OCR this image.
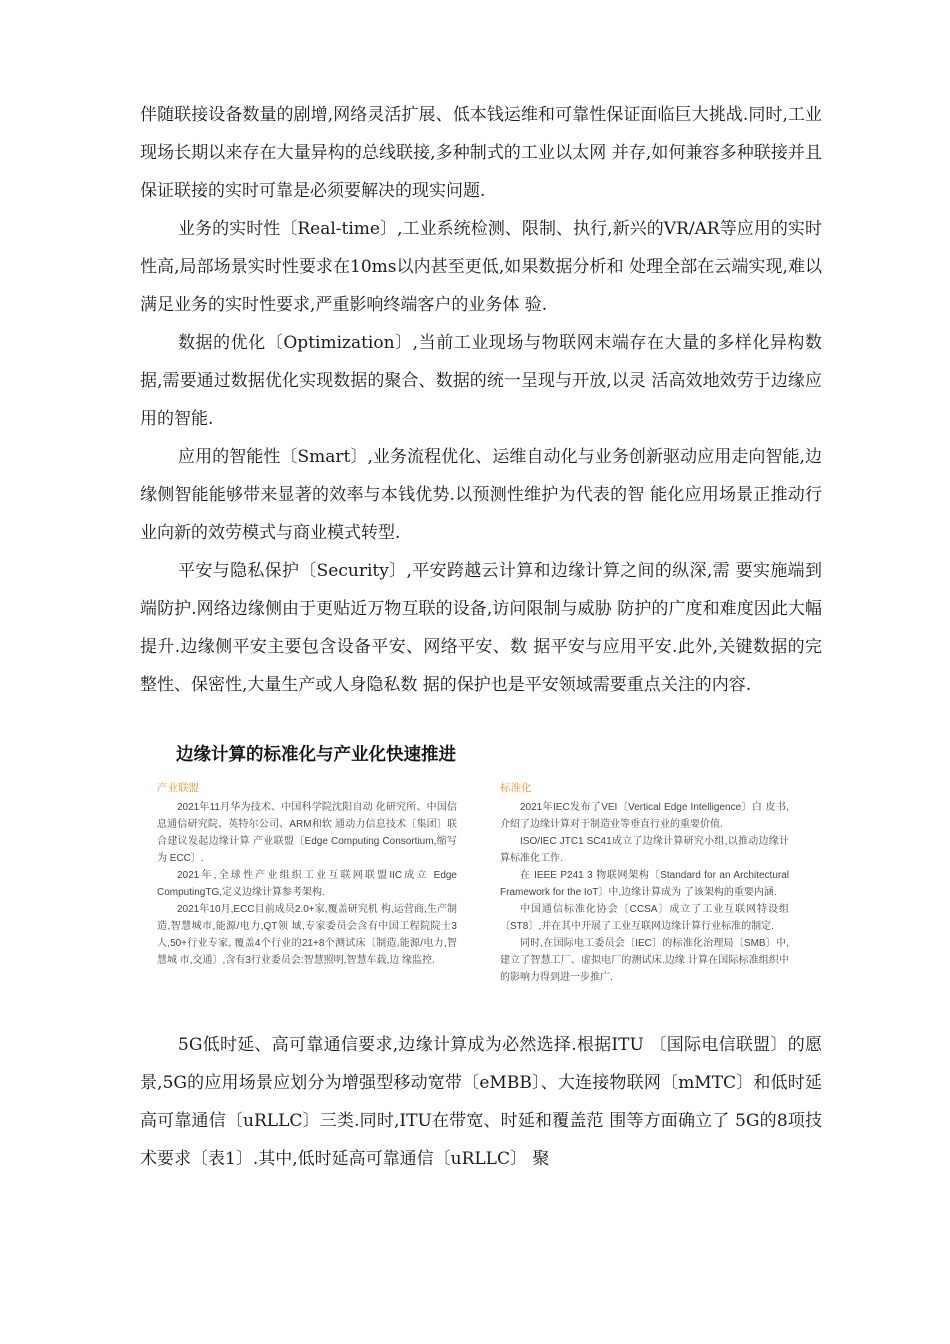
伴随联接设备数量的剧增,网络灵活扩展、低本钱运维和可靠性保证面临巨大挑战.同时,工业现场长期以来存在大量异构的总线联接,多种制式的工业以太网 并存,如何兼容多种联接并且保证联接的实时可靠是必须要解决的现实问题.

业务的实时性〔Real-time〕,工业系统检测、限制、执行,新兴的VR/AR等应用的实时性高,局部场景实时性要求在10ms以内甚至更低,如果数据分析和 处理全部在云端实现,难以满足业务的实时性要求,严重影响终端客户的业务体 验.

数据的优化〔Optimization〕,当前工业现场与物联网末端存在大量的多样化异构数据,需要通过数据优化实现数据的聚合、数据的统一呈现与开放,以灵 活高效地效劳于边缘应用的智能.

应用的智能性〔Smart〕,业务流程优化、运维自动化与业务创新驱动应用走向智能,边缘侧智能能够带来显著的效率与本钱优势.以预测性维护为代表的智 能化应用场景正推动行业向新的效劳模式与商业模式转型.

平安与隐私保护〔Security〕,平安跨越云计算和边缘计算之间的纵深,需 要实施端到端防护.网络边缘侧由于更贴近万物互联的设备,访问限制与威胁 防护的广度和难度因此大幅提升.边缘侧平安主要包含设备平安、网络平安、数 据平安与应用平安.此外,关键数据的完整性、保密性,大量生产或人身隐私数 据的保护也是平安领域需要重点关注的内容.

边缘计算的标准化与产业化快速推进
产业联盟

2021年11月华为技术、中国科学院沈阳自动 化研究所、中国信息通信研究院、英特尔公司、ARM和软 通动力信息技术〔集团〕联合建议发起边缘计算 产业联盟〔Edge Computing Consortium,缩写为 ECC〕.

2021年,全球性产业组织工业互联网联盟IIC成立 Edge ComputingTG,定义边缘计算参考架构.

2021年10月,ECC目前成员2.0+家,覆盖研究机 构,运营商,生产制造,智慧城市,能源/电力,QT领 域,专家委员会含有中国工程院院士3人,50+行业专家, 覆盖4个行业的21+8个测试床〔制造,能源/电力,智慧城 市,交通〕,含有3行业委员会:智慧照明,智慧车载,边 缘监控.

标准化

2021年IEC发布了VEI〔Vertical Edge Intelligence〕白 皮书,介绍了边缘计算对于制造业等垂直行业的重要价值.

ISO/IEC JTC1 SC41成立了边缘计算研究小组,以推动边缘计算标准化工作.

在 IEEE P241 3 物联网架构〔Standard for an Architectural Framework for the IoT〕中,边缘计算成为 了该架构的重要内涵.

中国通信标准化协会〔CCSA〕成立了工业互联网特设组〔ST8〕,并在其中开展了工业互联网边缘计算行业标准的制定.

同时,在国际电工委员会〔IEC〕的标准化治理局〔SMB〕中,建立了智慧工厂、虚拟电厂的测试床.边缘 计算在国际标准组织中的影响力得到进一步推广.

5G低时延、高可靠通信要求,边缘计算成为必然选择.根据ITU 〔国际电信联盟〕的愿景,5G的应用场景应划分为增强型移动宽带〔eMBB〕、大连接物联网〔mMTC〕和低时延高可靠通信〔uRLLC〕三类.同时,ITU在带宽、时延和覆盖范 围等方面确立了 5G的8项技术要求〔表1〕.其中,低时延高可靠通信〔uRLLC〕 聚
